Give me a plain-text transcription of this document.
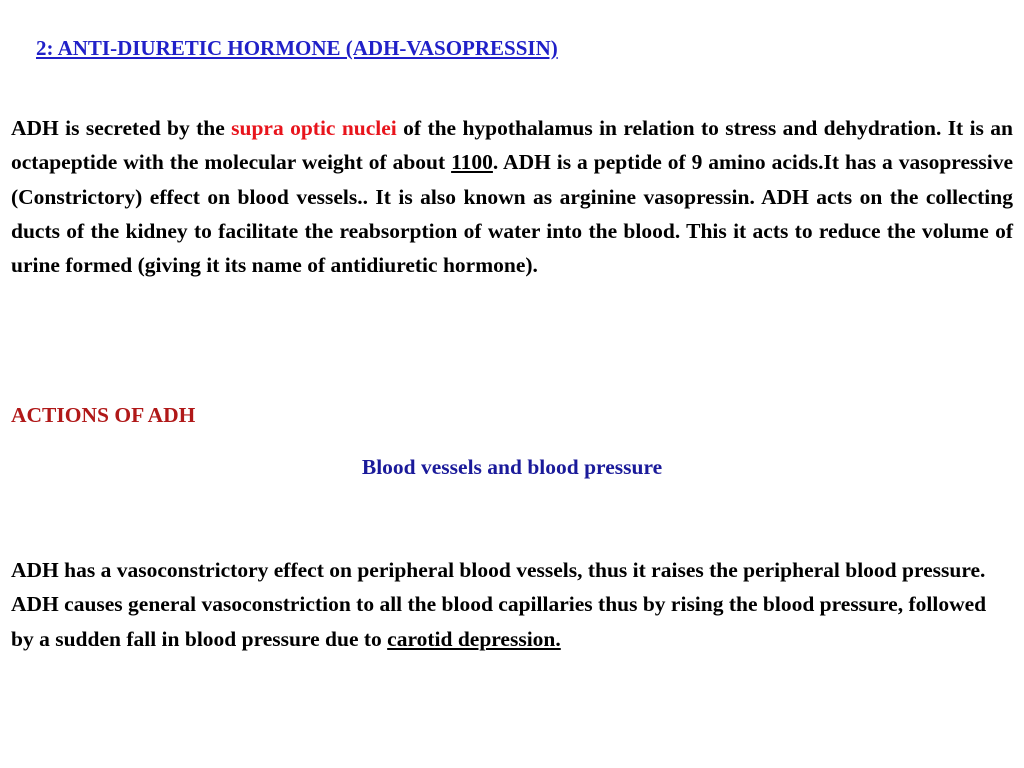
2: ANTI-DIURETIC HORMONE (ADH-VASOPRESSIN)
ADH is secreted by the supra optic nuclei of the hypothalamus in relation to stress and dehydration. It is an octapeptide with the molecular weight of about 1100. ADH is a peptide of 9 amino acids.It has a vasopressive (Constrictory) effect on blood vessels.. It is also known as arginine vasopressin. ADH acts on the collecting ducts of the kidney to facilitate the reabsorption of water into the blood. This it acts to reduce the volume of urine formed (giving it its name of antidiuretic hormone).
ACTIONS OF ADH
Blood vessels and blood pressure
ADH has a vasoconstrictory effect on peripheral blood vessels, thus it raises the peripheral blood pressure. ADH causes general vasoconstriction to all the blood capillaries thus by rising the blood pressure, followed by a sudden fall in blood pressure due to carotid depression.
